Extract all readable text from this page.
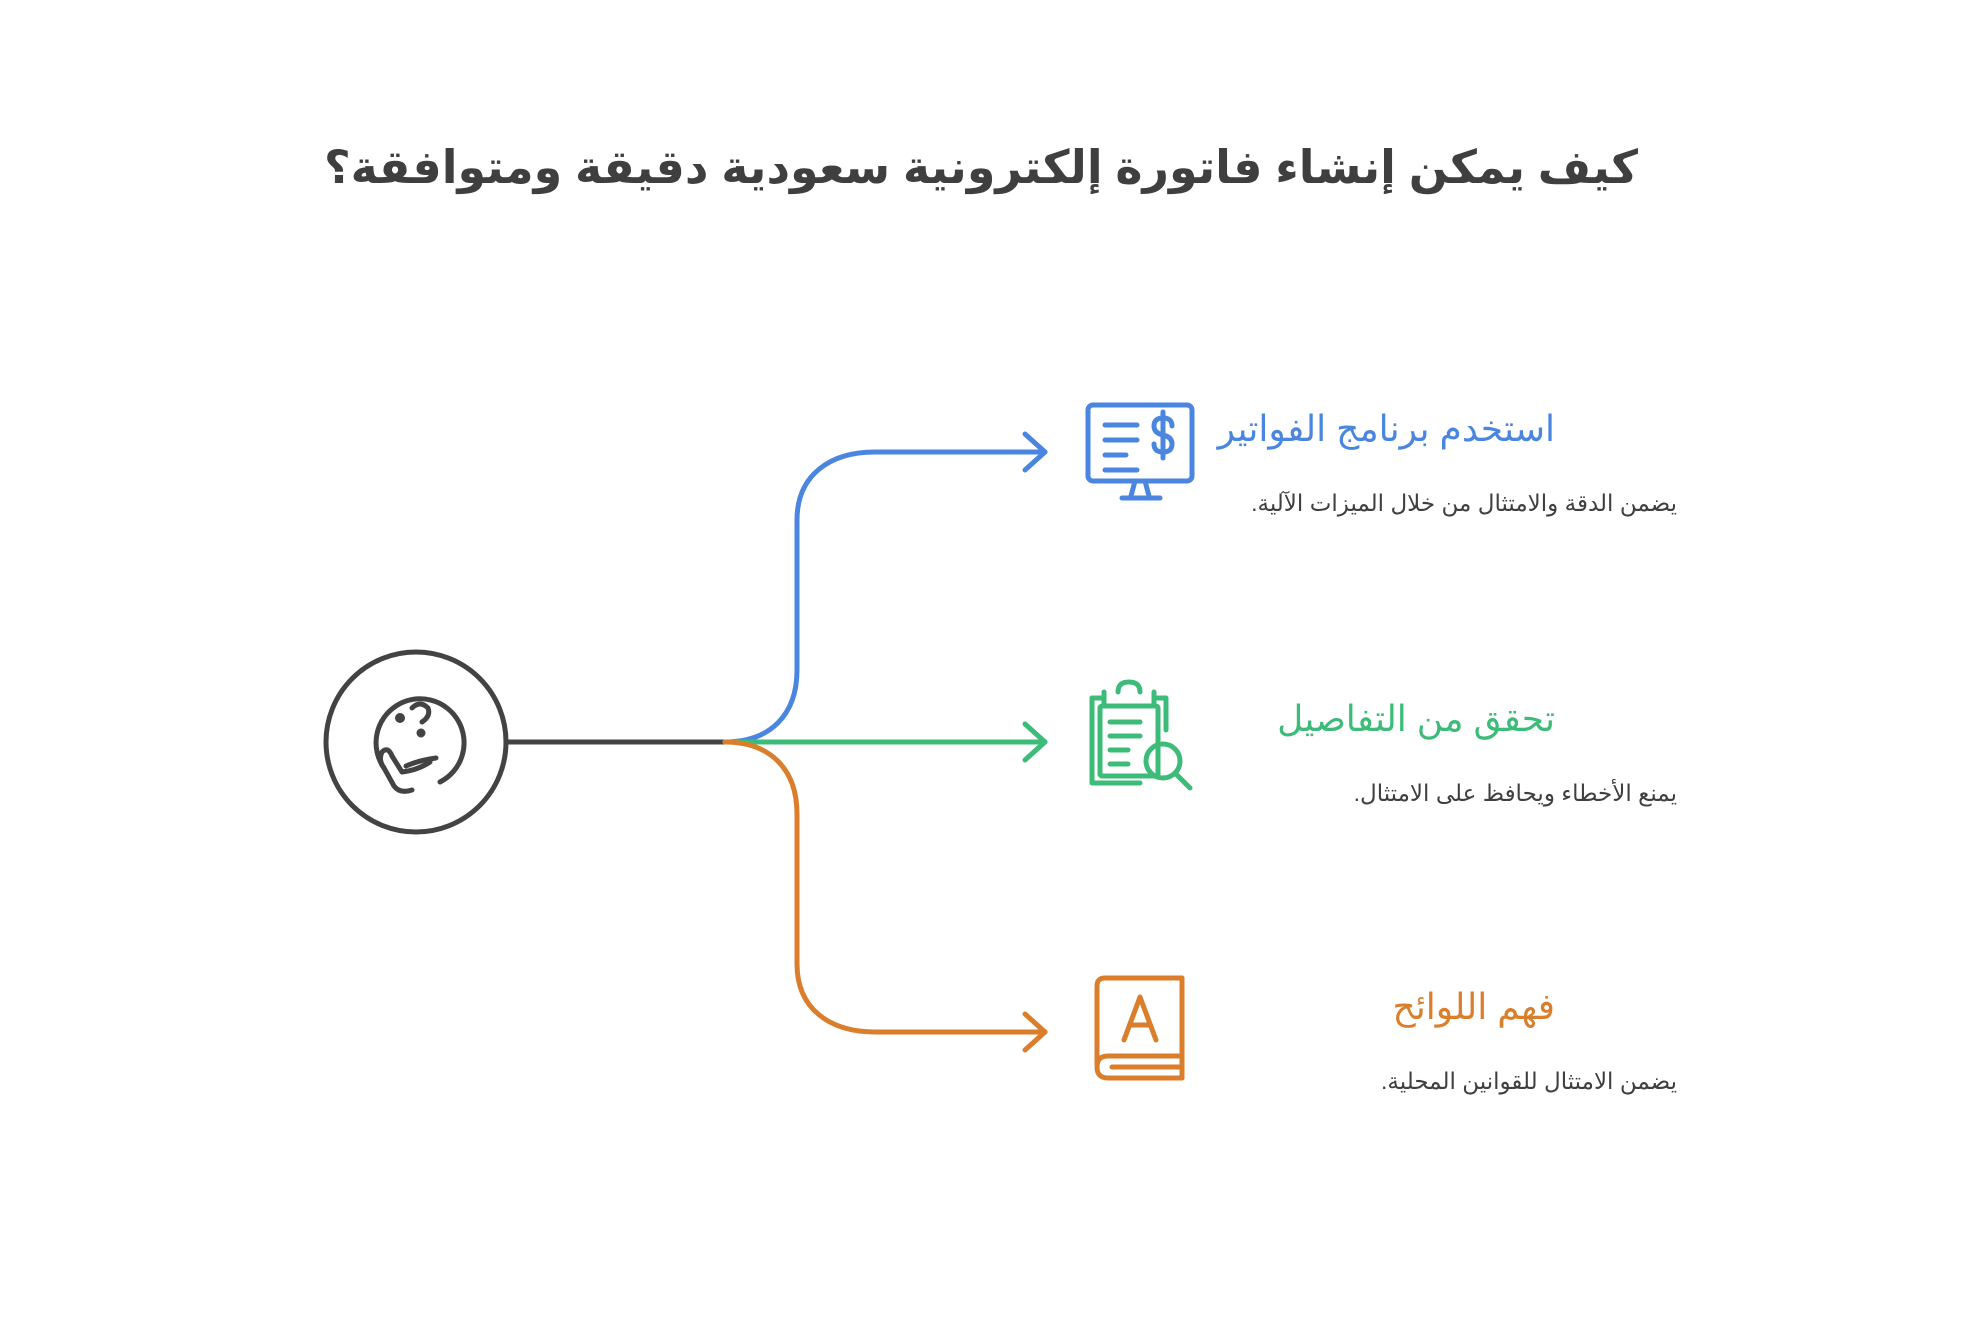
كيف يمكن إنشاء فاتورة إلكترونية سعودية دقيقة ومتوافقة؟
استخدم برنامج الفواتير
يضمن الدقة والامتثال من خلال الميزات الآلية.
تحقق من التفاصيل
يمنع الأخطاء ويحافظ على الامتثال.
فهم اللوائح
يضمن الامتثال للقوانين المحلية.
